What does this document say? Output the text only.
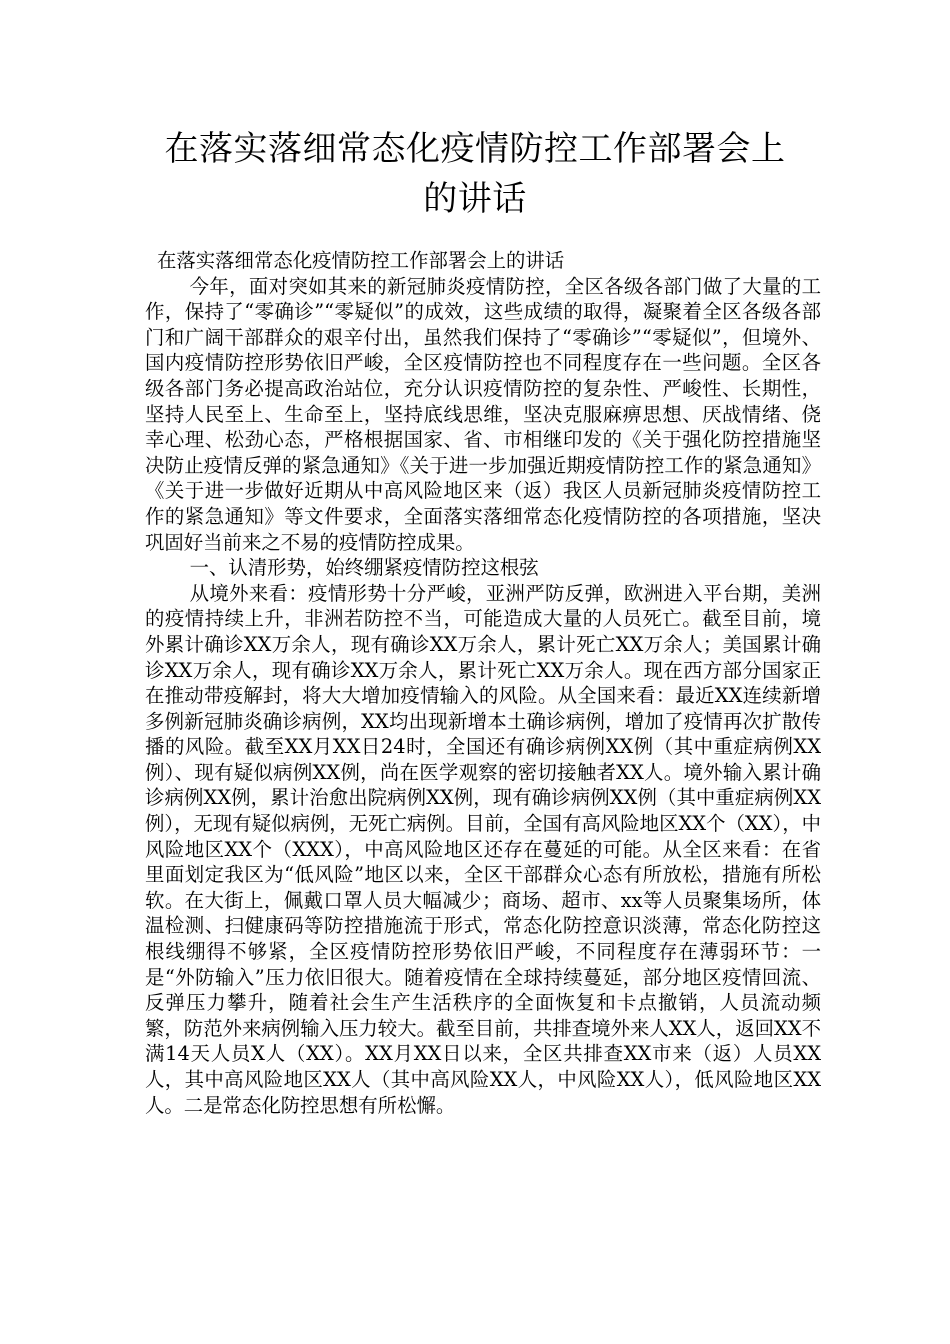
在落实落细常态化疫情防控工作部署会上
的讲话

在落实落细常态化疫情防控工作部署会上的讲话

今年，面对突如其来的新冠肺炎疫情防控，全区各级各部门做了大量的工作，保持了“零确诊”“零疑似”的成效，这些成绩的取得，凝聚着全区各级各部门和广阔干部群众的艰辛付出，虽然我们保持了“零确诊”“零疑似”，但境外、国内疫情防控形势依旧严峻，全区疫情防控也不同程度存在一些问题。全区各级各部门务必提高政治站位，充分认识疫情防控的复杂性、严峻性、长期性，坚持人民至上、生命至上，坚持底线思维，坚决克服麻痹思想、厌战情绪、侥幸心理、松劲心态，严格根据国家、省、市相继印发的《关于强化防控措施坚决防止疫情反弹的紧急通知》《关于进一步加强近期疫情防控工作的紧急通知》《关于进一步做好近期从中高风险地区来（返）我区人员新冠肺炎疫情防控工作的紧急通知》等文件要求，全面落实落细常态化疫情防控的各项措施，坚决巩固好当前来之不易的疫情防控成果。

一、认清形势，始终绷紧疫情防控这根弦

从境外来看：疫情形势十分严峻，亚洲严防反弹，欧洲进入平台期，美洲的疫情持续上升，非洲若防控不当，可能造成大量的人员死亡。截至目前，境外累计确诊XX万余人，现有确诊XX万余人，累计死亡XX万余人；美国累计确诊XX万余人，现有确诊XX万余人，累计死亡XX万余人。现在西方部分国家正在推动带疫解封，将大大增加疫情输入的风险。从全国来看：最近XX连续新增多例新冠肺炎确诊病例，XX均出现新增本土确诊病例，增加了疫情再次扩散传播的风险。截至XX月XX日24时，全国还有确诊病例XX例（其中重症病例XX例）、现有疑似病例XX例，尚在医学观察的密切接触者XX人。境外输入累计确诊病例XX例，累计治愈出院病例XX例，现有确诊病例XX例（其中重症病例XX例），无现有疑似病例，无死亡病例。目前，全国有高风险地区XX个（XX），中风险地区XX个（XXX），中高风险地区还存在蔓延的可能。从全区来看：在省里面划定我区为“低风险”地区以来，全区干部群众心态有所放松，措施有所松软。在大街上，佩戴口罩人员大幅减少；商场、超市、xx等人员聚集场所，体温检测、扫健康码等防控措施流于形式，常态化防控意识淡薄，常态化防控这根线绷得不够紧，全区疫情防控形势依旧严峻，不同程度存在薄弱环节：一是“外防输入”压力依旧很大。随着疫情在全球持续蔓延，部分地区疫情回流、反弹压力攀升，随着社会生产生活秩序的全面恢复和卡点撤销，人员流动频繁，防范外来病例输入压力较大。截至目前，共排查境外来人XX人，返回XX不满14天人员X人（XX）。XX月XX日以来，全区共排查XX市来（返）人员XX人，其中高风险地区XX人（其中高风险XX人，中风险XX人），低风险地区XX人。二是常态化防控思想有所松懈。
